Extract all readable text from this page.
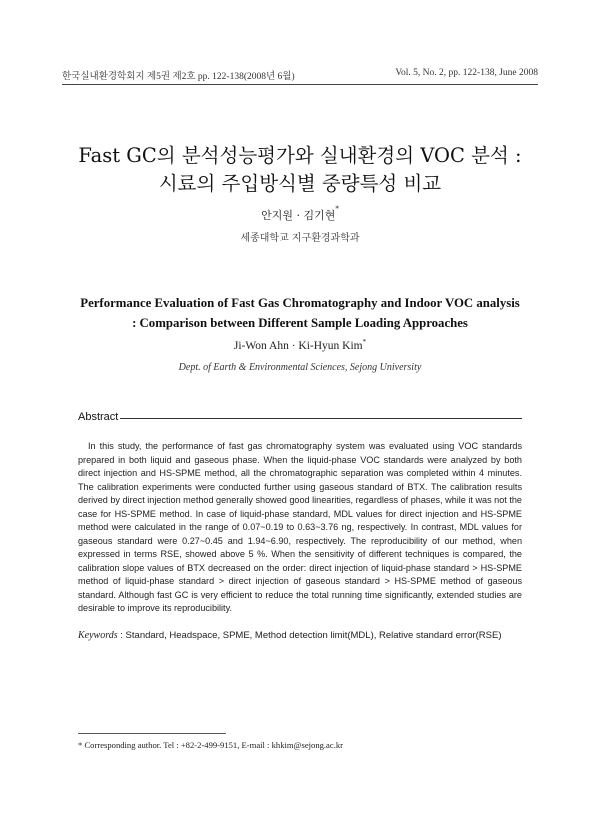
한국실내환경학회지 제5권 제2호 pp. 122-138(2008년 6월)	Vol. 5, No. 2, pp. 122-138, June 2008
Fast GC의 분석성능평가와 실내환경의 VOC 분석 :
시료의 주입방식별 중량특성 비교
안지원 · 김기현*
세종대학교 지구환경과학과
Performance Evaluation of Fast Gas Chromatography and Indoor VOC analysis
: Comparison between Different Sample Loading Approaches
Ji-Won Ahn · Ki-Hyun Kim*
Dept. of Earth & Environmental Sciences, Sejong University
Abstract

In this study, the performance of fast gas chromatography system was evaluated using VOC standards prepared in both liquid and gaseous phase. When the liquid-phase VOC standards were analyzed by both direct injection and HS-SPME method, all the chromatographic separation was completed within 4 minutes. The calibration experiments were conducted further using gaseous standard of BTX. The calibration results derived by direct injection method generally showed good linearities, regardless of phases, while it was not the case for HS-SPME method. In case of liquid-phase standard, MDL values for direct injection and HS-SPME method were calculated in the range of 0.07~0.19 to 0.63~3.76 ng, respectively. In contrast, MDL values for gaseous standard were 0.27~0.45 and 1.94~6.90, respectively. The reproducibility of our method, when expressed in terms RSE, showed above 5 %. When the sensitivity of different techniques is compared, the calibration slope values of BTX decreased on the order: direct injection of liquid-phase standard > HS-SPME method of liquid-phase standard > direct injection of gaseous standard > HS-SPME method of gaseous standard. Although fast GC is very efficient to reduce the total running time significantly, extended studies are desirable to improve its reproducibility.

Keywords : Standard, Headspace, SPME, Method detection limit(MDL), Relative standard error(RSE)
* Corresponding author. Tel : +82-2-499-9151, E-mail : khkim@sejong.ac.kr
